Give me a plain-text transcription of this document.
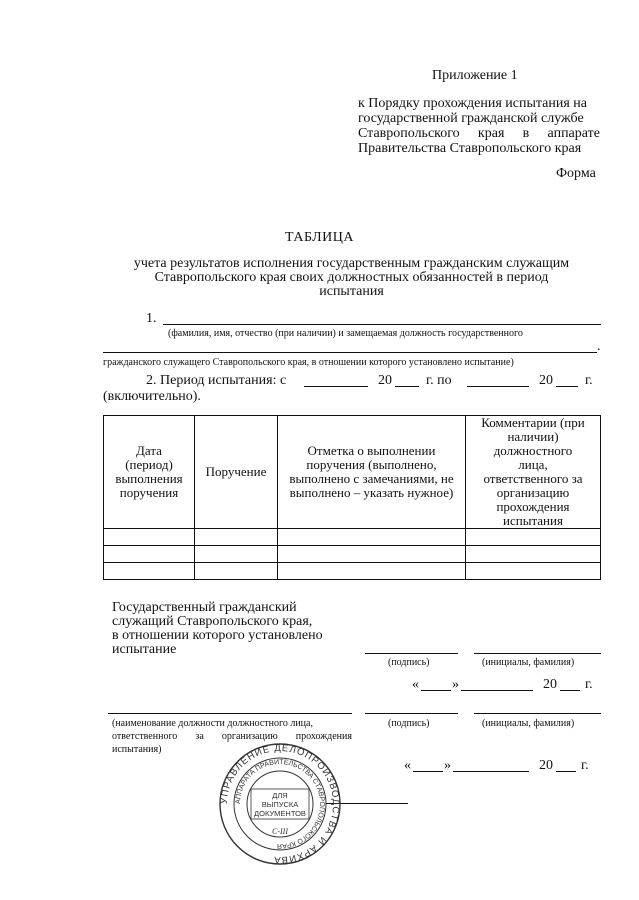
Приложение 1
к Порядку прохождения испытания на
государственной гражданской службе
Ставропольского края в аппарате
Правительства Ставропольского края
Форма
ТАБЛИЦА
учета результатов исполнения государственным гражданским служащим
Ставропольского края своих должностных обязанностей в период
испытания
1.
(фамилия, имя, отчество (при наличии) и замещаемая должность государственного
.
гражданского служащего Ставропольского края, в отношении которого установлено испытание)
2. Период испытания: с	20 г. по	20 г.
(включительно).
Дата (период) выполнения поручения	Поручение	Отметка о выполнении поручения (выполнено, выполнено с замечаниями, не выполнено – указать нужное)	Комментарии (при наличии) должностного лица, ответственного за организацию прохождения испытания

Государственный гражданский
служащий Ставропольского края,
в отношении которого установлено
испытание
(подпись)	(инициалы, фамилия)
« »	20 г.
(наименование должности должностного лица,
ответственного за организацию прохождения
испытания)
(подпись)	(инициалы, фамилия)
« »	20 г.
УПРАВЛЕНИЕ ДЕЛОПРОИЗВОДСТВА И АРХИВА
АППАРАТА ПРАВИТЕЛЬСТВА СТАВРОПОЛЬСКОГО КРАЯ
ДЛЯ
ВЫПУСКА
ДОКУМЕНТОВ
С-III
